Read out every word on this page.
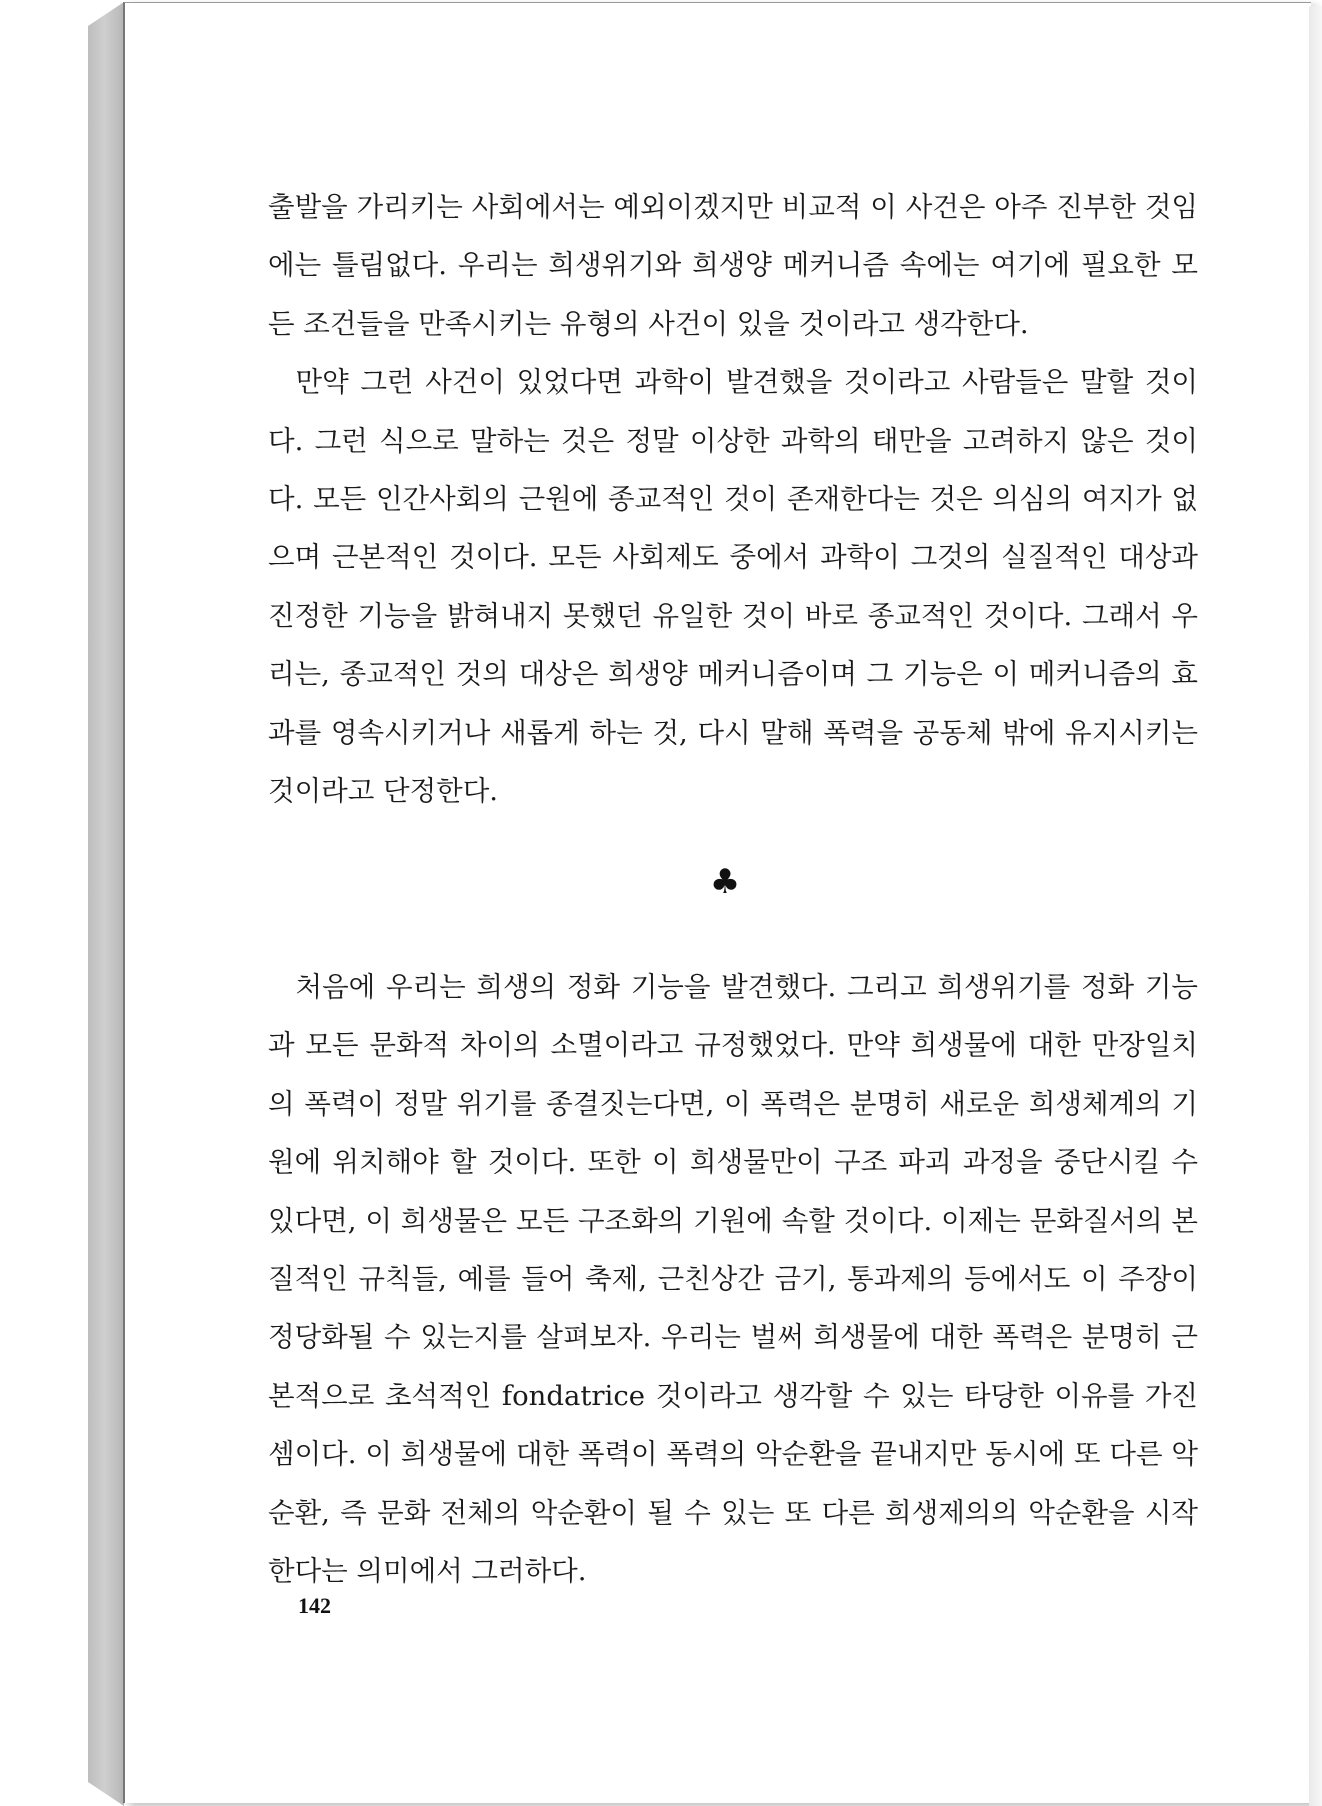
출발을 가리키는 사회에서는 예외이겠지만 비교적 이 사건은 아주 진부한 것임에는 틀림없다. 우리는 희생위기와 희생양 메커니즘 속에는 여기에 필요한 모든 조건들을 만족시키는 유형의 사건이 있을 것이라고 생각한다.

만약 그런 사건이 있었다면 과학이 발견했을 것이라고 사람들은 말할 것이다. 그런 식으로 말하는 것은 정말 이상한 과학의 태만을 고려하지 않은 것이다. 모든 인간사회의 근원에 종교적인 것이 존재한다는 것은 의심의 여지가 없으며 근본적인 것이다. 모든 사회제도 중에서 과학이 그것의 실질적인 대상과 진정한 기능을 밝혀내지 못했던 유일한 것이 바로 종교적인 것이다. 그래서 우리는, 종교적인 것의 대상은 희생양 메커니즘이며 그 기능은 이 메커니즘의 효과를 영속시키거나 새롭게 하는 것, 다시 말해 폭력을 공동체 밖에 유지시키는 것이라고 단정한다.

♣

처음에 우리는 희생의 정화 기능을 발견했다. 그리고 희생위기를 정화 기능과 모든 문화적 차이의 소멸이라고 규정했었다. 만약 희생물에 대한 만장일치의 폭력이 정말 위기를 종결짓는다면, 이 폭력은 분명히 새로운 희생체계의 기원에 위치해야 할 것이다. 또한 이 희생물만이 구조 파괴 과정을 중단시킬 수 있다면, 이 희생물은 모든 구조화의 기원에 속할 것이다. 이제는 문화질서의 본질적인 규칙들, 예를 들어 축제, 근친상간 금기, 통과제의 등에서도 이 주장이 정당화될 수 있는지를 살펴보자. 우리는 벌써 희생물에 대한 폭력은 분명히 근본적으로 초석적인 fondatrice 것이라고 생각할 수 있는 타당한 이유를 가진 셈이다. 이 희생물에 대한 폭력이 폭력의 악순환을 끝내지만 동시에 또 다른 악순환, 즉 문화 전체의 악순환이 될 수 있는 또 다른 희생제의의 악순환을 시작한다는 의미에서 그러하다.

142
